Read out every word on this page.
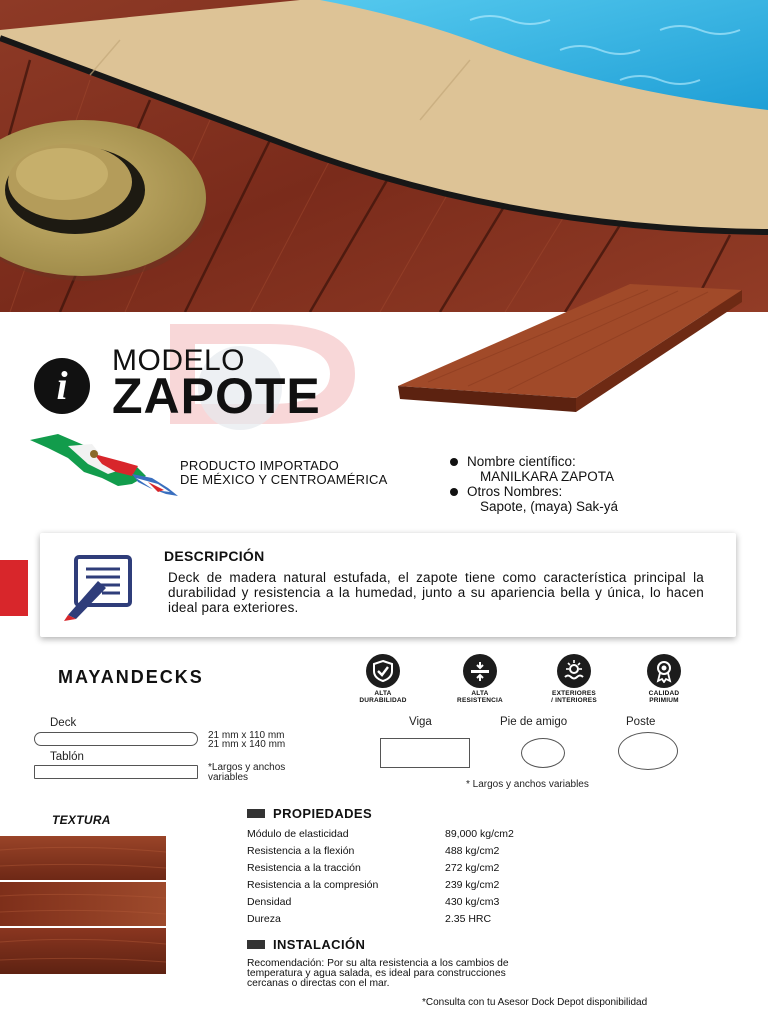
i
MODELO
ZAPOTE
PRODUCTO IMPORTADO
DE MÉXICO Y CENTROAMÉRICA
Nombre científico:
MANILKARA ZAPOTA
Otros Nombres:
Sapote, (maya) Sak-yá
DESCRIPCIÓN
Deck de madera natural estufada, el zapote tiene como característica principal la durabilidad y resistencia a la humedad, junto a su apariencia bella y única, lo hacen ideal para exteriores.
MAYANDECKS
ALTA
DURABILIDAD
ALTA
RESISTENCIA
EXTERIORES
/ INTERIORES
CALIDAD
PRIMIUM
Deck
Tablón
21 mm x 110 mm
21 mm x 140 mm
*Largos y anchos
variables
Viga	Pie de amigo	Poste
* Largos y anchos variables
TEXTURA	PROPIEDADES
Módulo de elasticidad	89,000 kg/cm2
Resistencia a la flexión	488 kg/cm2
Resistencia a la tracción	272 kg/cm2
Resistencia a la compresión	239 kg/cm2
Densidad	430 kg/cm3
Dureza	2.35 HRC
INSTALACIÓN
Recomendación: Por su alta resistencia a los cambios de
temperatura y agua salada, es ideal para construcciones
cercanas o directas con el mar.
*Consulta con tu Asesor Dock Depot disponibilidad
